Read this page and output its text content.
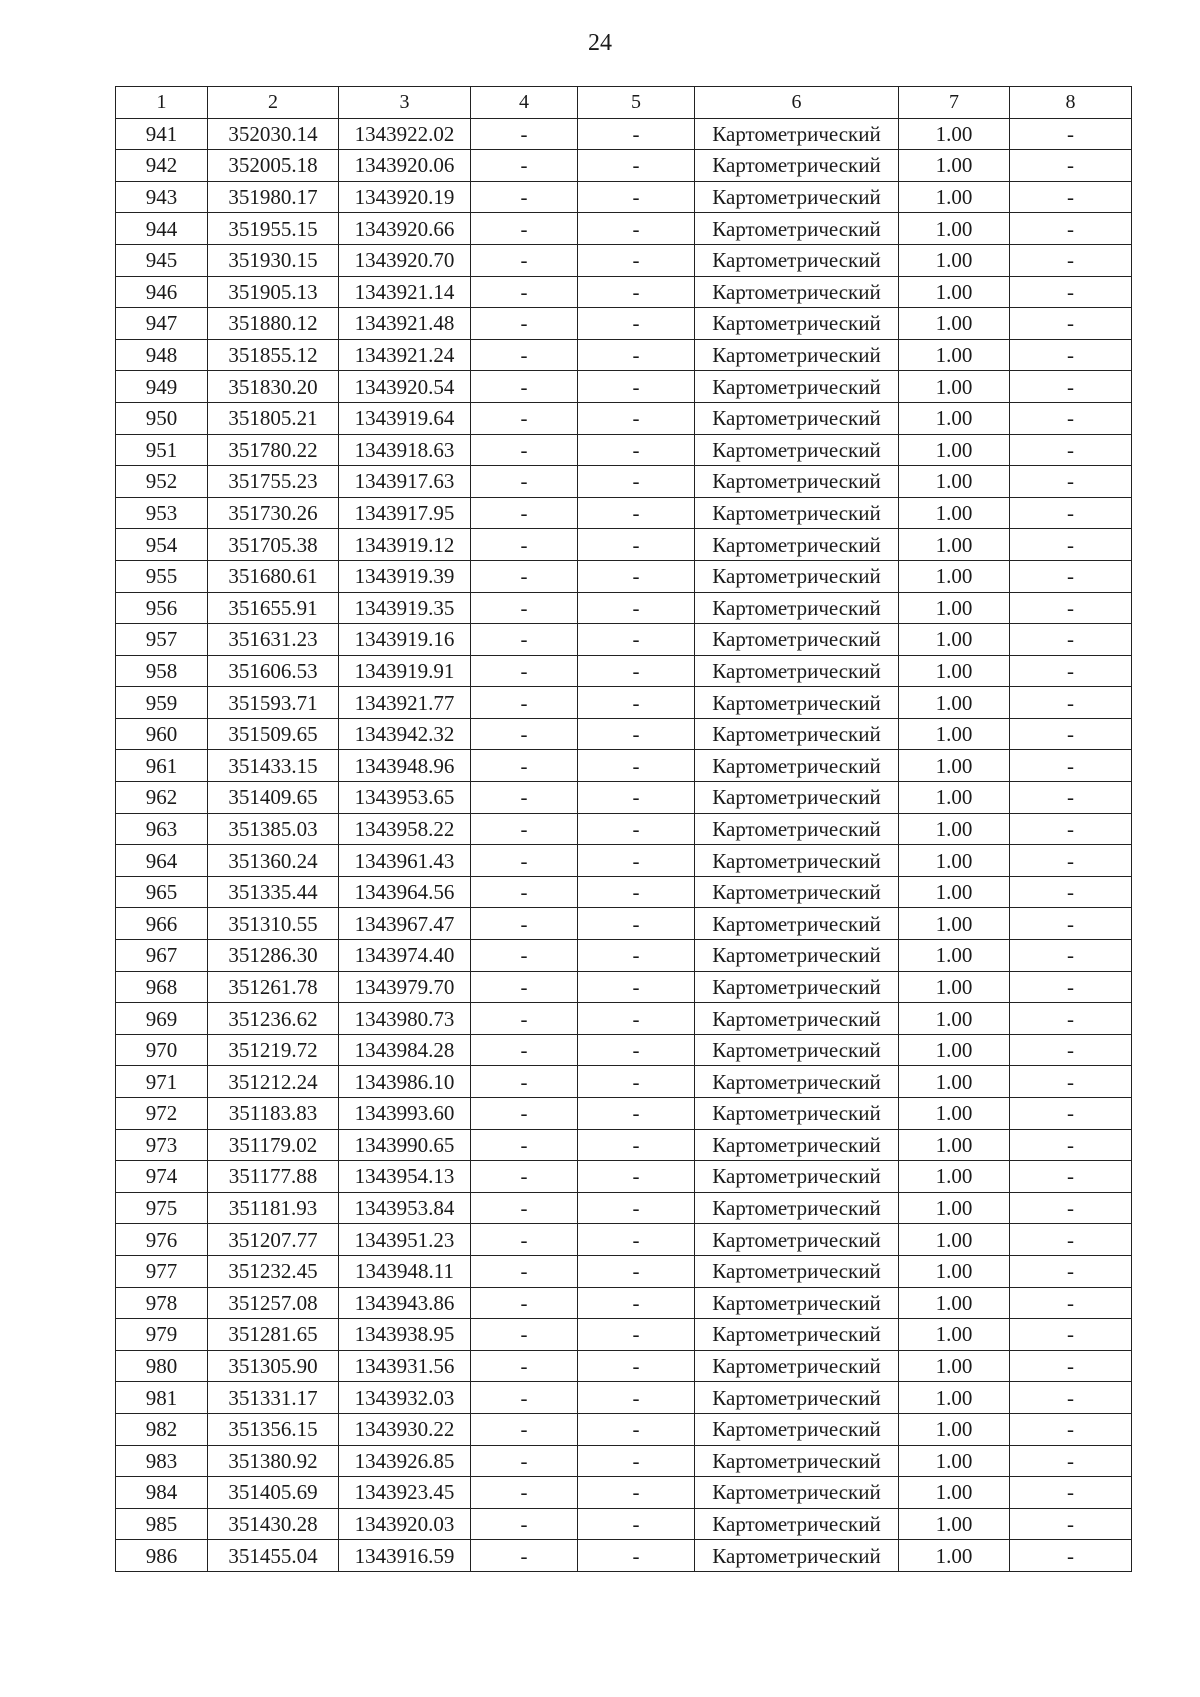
24
1	2	3	4	5	6	7	8
941	352030.14	1343922.02	-	-	Картометрический	1.00	-
942	352005.18	1343920.06	-	-	Картометрический	1.00	-
943	351980.17	1343920.19	-	-	Картометрический	1.00	-
944	351955.15	1343920.66	-	-	Картометрический	1.00	-
945	351930.15	1343920.70	-	-	Картометрический	1.00	-
946	351905.13	1343921.14	-	-	Картометрический	1.00	-
947	351880.12	1343921.48	-	-	Картометрический	1.00	-
948	351855.12	1343921.24	-	-	Картометрический	1.00	-
949	351830.20	1343920.54	-	-	Картометрический	1.00	-
950	351805.21	1343919.64	-	-	Картометрический	1.00	-
951	351780.22	1343918.63	-	-	Картометрический	1.00	-
952	351755.23	1343917.63	-	-	Картометрический	1.00	-
953	351730.26	1343917.95	-	-	Картометрический	1.00	-
954	351705.38	1343919.12	-	-	Картометрический	1.00	-
955	351680.61	1343919.39	-	-	Картометрический	1.00	-
956	351655.91	1343919.35	-	-	Картометрический	1.00	-
957	351631.23	1343919.16	-	-	Картометрический	1.00	-
958	351606.53	1343919.91	-	-	Картометрический	1.00	-
959	351593.71	1343921.77	-	-	Картометрический	1.00	-
960	351509.65	1343942.32	-	-	Картометрический	1.00	-
961	351433.15	1343948.96	-	-	Картометрический	1.00	-
962	351409.65	1343953.65	-	-	Картометрический	1.00	-
963	351385.03	1343958.22	-	-	Картометрический	1.00	-
964	351360.24	1343961.43	-	-	Картометрический	1.00	-
965	351335.44	1343964.56	-	-	Картометрический	1.00	-
966	351310.55	1343967.47	-	-	Картометрический	1.00	-
967	351286.30	1343974.40	-	-	Картометрический	1.00	-
968	351261.78	1343979.70	-	-	Картометрический	1.00	-
969	351236.62	1343980.73	-	-	Картометрический	1.00	-
970	351219.72	1343984.28	-	-	Картометрический	1.00	-
971	351212.24	1343986.10	-	-	Картометрический	1.00	-
972	351183.83	1343993.60	-	-	Картометрический	1.00	-
973	351179.02	1343990.65	-	-	Картометрический	1.00	-
974	351177.88	1343954.13	-	-	Картометрический	1.00	-
975	351181.93	1343953.84	-	-	Картометрический	1.00	-
976	351207.77	1343951.23	-	-	Картометрический	1.00	-
977	351232.45	1343948.11	-	-	Картометрический	1.00	-
978	351257.08	1343943.86	-	-	Картометрический	1.00	-
979	351281.65	1343938.95	-	-	Картометрический	1.00	-
980	351305.90	1343931.56	-	-	Картометрический	1.00	-
981	351331.17	1343932.03	-	-	Картометрический	1.00	-
982	351356.15	1343930.22	-	-	Картометрический	1.00	-
983	351380.92	1343926.85	-	-	Картометрический	1.00	-
984	351405.69	1343923.45	-	-	Картометрический	1.00	-
985	351430.28	1343920.03	-	-	Картометрический	1.00	-
986	351455.04	1343916.59	-	-	Картометрический	1.00	-
